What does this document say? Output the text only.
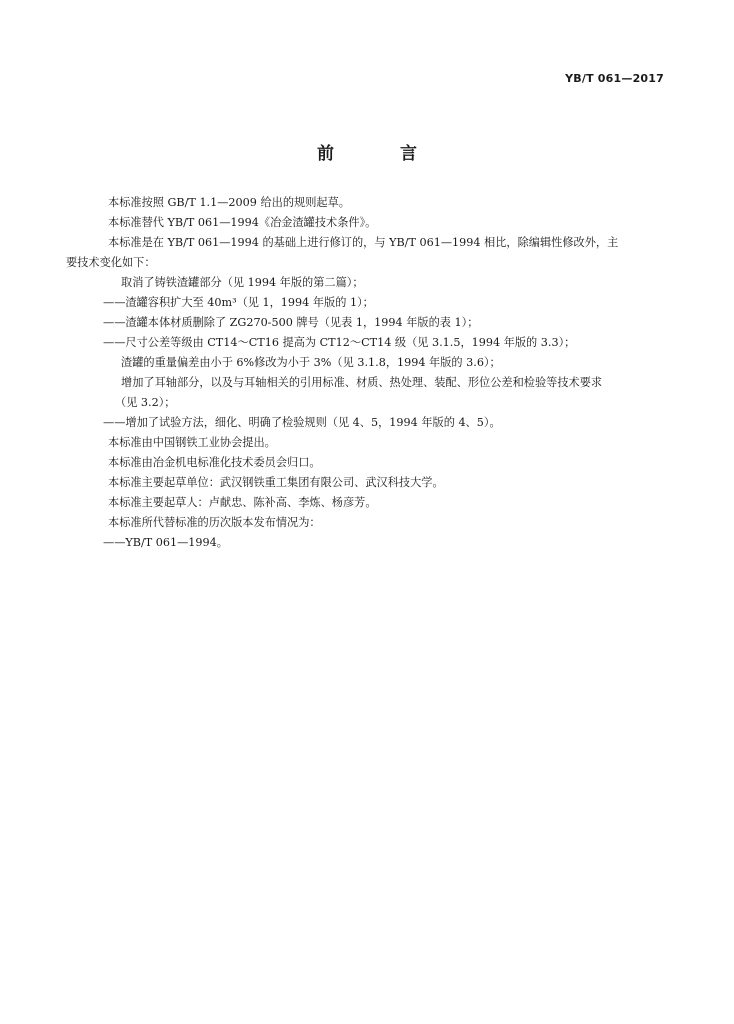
YB/T 061—2017
前 言

本标准按照 GB/T 1.1—2009 给出的规则起草。

本标准替代 YB/T 061—1994《冶金渣罐技术条件》。

本标准是在 YB/T 061—1994 的基础上进行修订的，与 YB/T 061—1994 相比，除编辑性修改外，主

要技术变化如下：

取消了铸铁渣罐部分（见 1994 年版的第二篇）；

——渣罐容积扩大至 40m³（见 1，1994 年版的 1）；

——渣罐本体材质删除了 ZG270-500 牌号（见表 1，1994 年版的表 1）；

——尺寸公差等级由 CT14～CT16 提高为 CT12～CT14 级（见 3.1.5，1994 年版的 3.3）；

渣罐的重量偏差由小于 6%修改为小于 3%（见 3.1.8，1994 年版的 3.6）；

增加了耳轴部分，以及与耳轴相关的引用标准、材质、热处理、装配、形位公差和检验等技术要求

（见 3.2）；

——增加了试验方法，细化、明确了检验规则（见 4、5，1994 年版的 4、5）。

本标准由中国钢铁工业协会提出。

本标准由冶金机电标准化技术委员会归口。

本标准主要起草单位：武汉钢铁重工集团有限公司、武汉科技大学。

本标准主要起草人：卢献忠、陈补高、李炼、杨彦芳。

本标准所代替标准的历次版本发布情况为：

——YB/T 061—1994。
